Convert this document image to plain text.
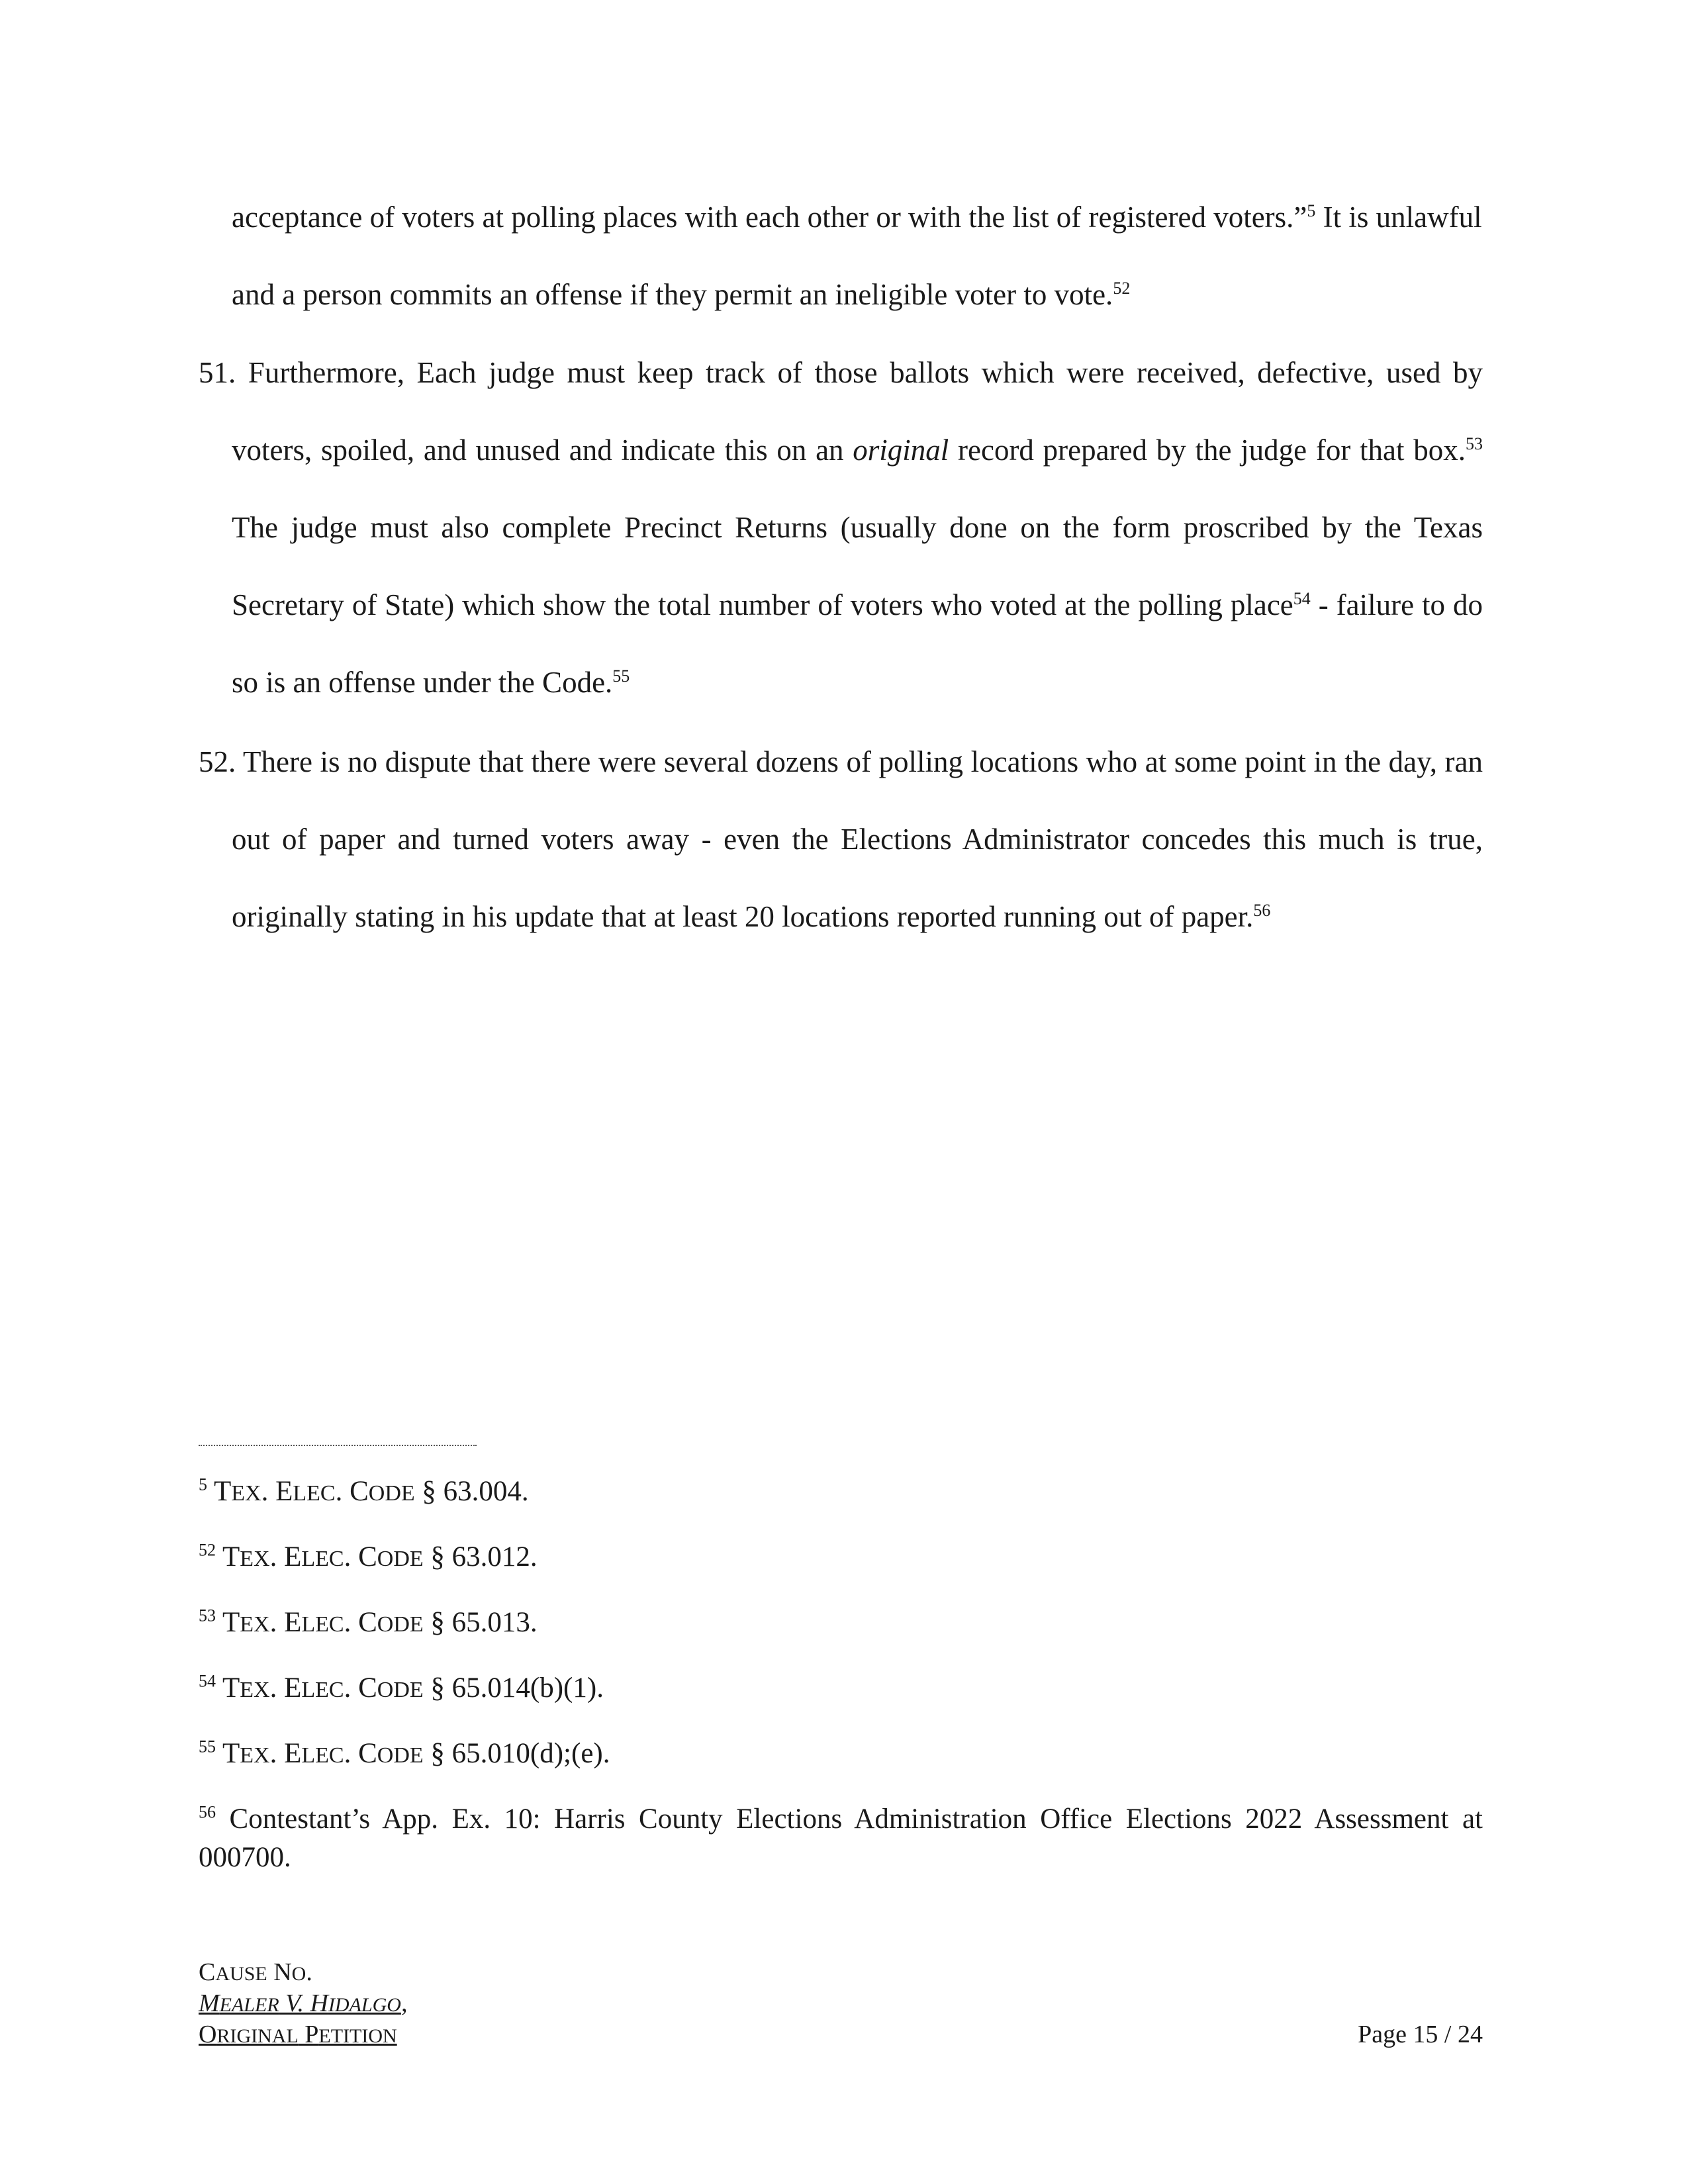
acceptance of voters at polling places with each other or with the list of registered voters.”$^5$ It is unlawful and a person commits an offense if they permit an ineligible voter to vote.$^{52}$

51. Furthermore, Each judge must keep track of those ballots which were received, defective, used by voters, spoiled, and unused and indicate this on an original record prepared by the judge for that box.$^{53}$ The judge must also complete Precinct Returns (usually done on the form proscribed by the Texas Secretary of State) which show the total number of voters who voted at the polling place$^{54}$ - failure to do so is an offense under the Code.$^{55}$

52. There is no dispute that there were several dozens of polling locations who at some point in the day, ran out of paper and turned voters away - even the Elections Administrator concedes this much is true, originally stating in his update that at least 20 locations reported running out of paper.$^{56}$

$^5$ TEX. ELEC. CODE § 63.004.

$^{52}$ TEX. ELEC. CODE § 63.012.

$^{53}$ TEX. ELEC. CODE § 65.013.

$^{54}$ TEX. ELEC. CODE § 65.014(b)(1).

$^{55}$ TEX. ELEC. CODE § 65.010(d);(e).

$^{56}$ Contestant’s App. Ex. 10: Harris County Elections Administration Office Elections 2022 Assessment at 000700.

CAUSE NO.

MEALER V. HIDALGO,

ORIGINAL PETITION	Page 15 / 24
